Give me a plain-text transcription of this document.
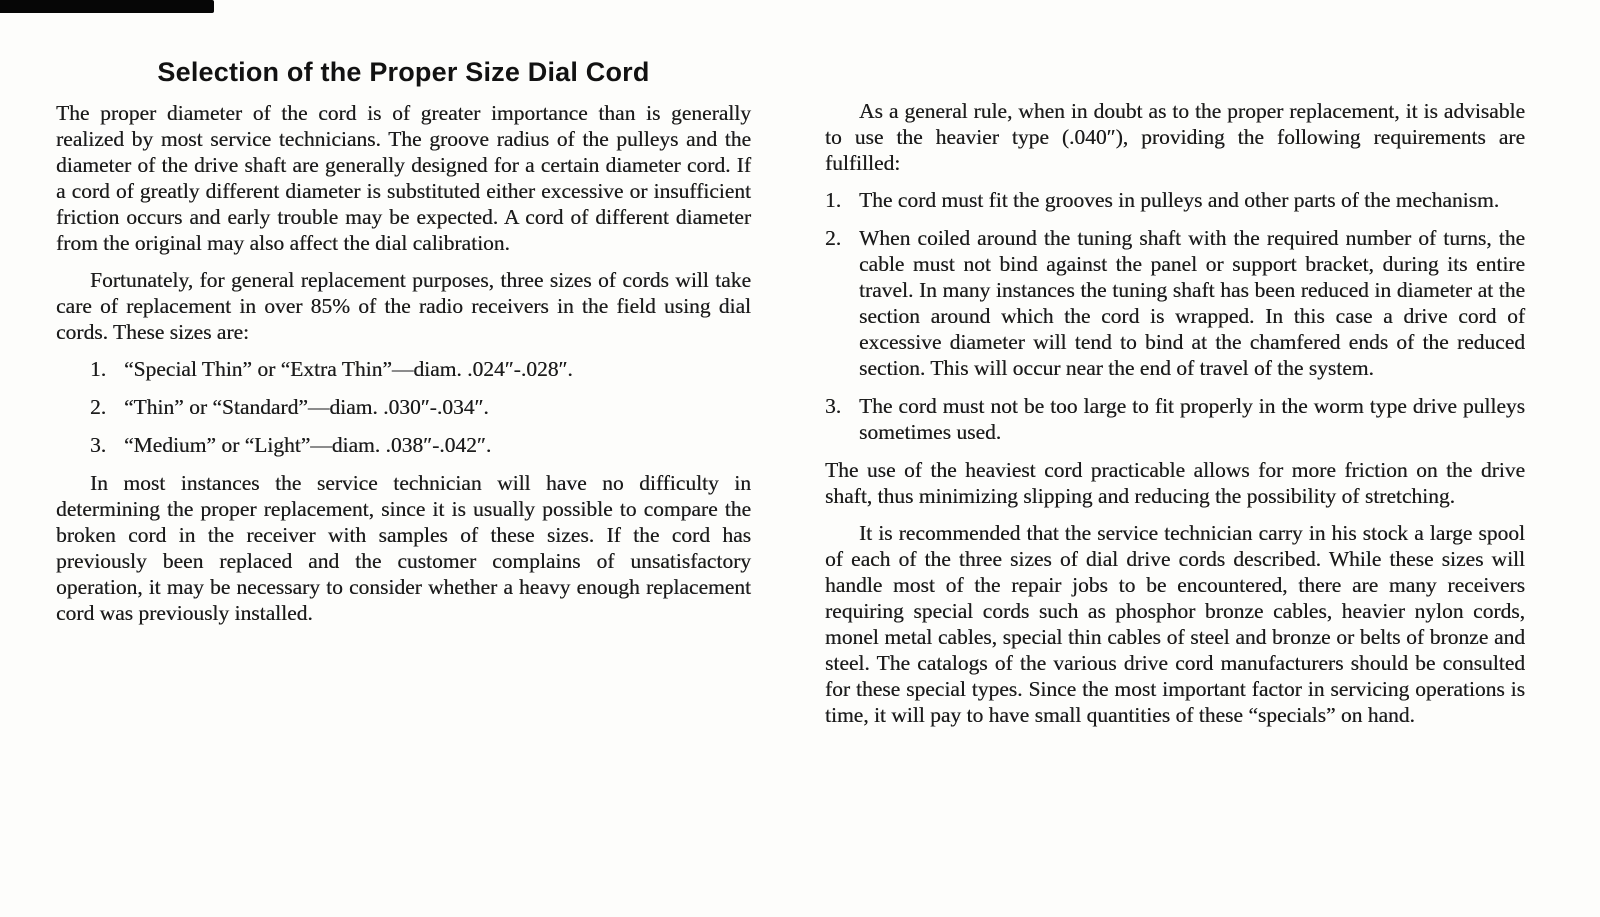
Selection of the Proper Size Dial Cord

The proper diameter of the cord is of greater importance than is generally realized by most service technicians. The groove radius of the pulleys and the diameter of the drive shaft are generally designed for a certain diameter cord. If a cord of greatly different diameter is substituted either excessive or insufficient friction occurs and early trouble may be expected. A cord of different diameter from the original may also affect the dial calibration.

Fortunately, for general replacement purposes, three sizes of cords will take care of replacement in over 85% of the radio receivers in the field using dial cords. These sizes are:

1. “Special Thin” or “Extra Thin”—diam. .024″-.028″.
2. “Thin” or “Standard”—diam. .030″-.034″.
3. “Medium” or “Light”—diam. .038″-.042″.

In most instances the service technician will have no difficulty in determining the proper replacement, since it is usually possible to compare the broken cord in the receiver with samples of these sizes. If the cord has previously been replaced and the customer complains of unsatisfactory operation, it may be necessary to consider whether a heavy enough replacement cord was previously installed.

As a general rule, when in doubt as to the proper replacement, it is advisable to use the heavier type (.040″), providing the following requirements are fulfilled:

1. The cord must fit the grooves in pulleys and other parts of the mechanism.
2. When coiled around the tuning shaft with the required number of turns, the cable must not bind against the panel or support bracket, during its entire travel. In many instances the tuning shaft has been reduced in diameter at the section around which the cord is wrapped. In this case a drive cord of excessive diameter will tend to bind at the chamfered ends of the reduced section. This will occur near the end of travel of the system.
3. The cord must not be too large to fit properly in the worm type drive pulleys sometimes used.

The use of the heaviest cord practicable allows for more friction on the drive shaft, thus minimizing slipping and reducing the possibility of stretching.

It is recommended that the service technician carry in his stock a large spool of each of the three sizes of dial drive cords described. While these sizes will handle most of the repair jobs to be encountered, there are many receivers requiring special cords such as phosphor bronze cables, heavier nylon cords, monel metal cables, special thin cables of steel and bronze or belts of bronze and steel. The catalogs of the various drive cord manufacturers should be consulted for these special types. Since the most important factor in servicing operations is time, it will pay to have small quantities of these “specials” on hand.
